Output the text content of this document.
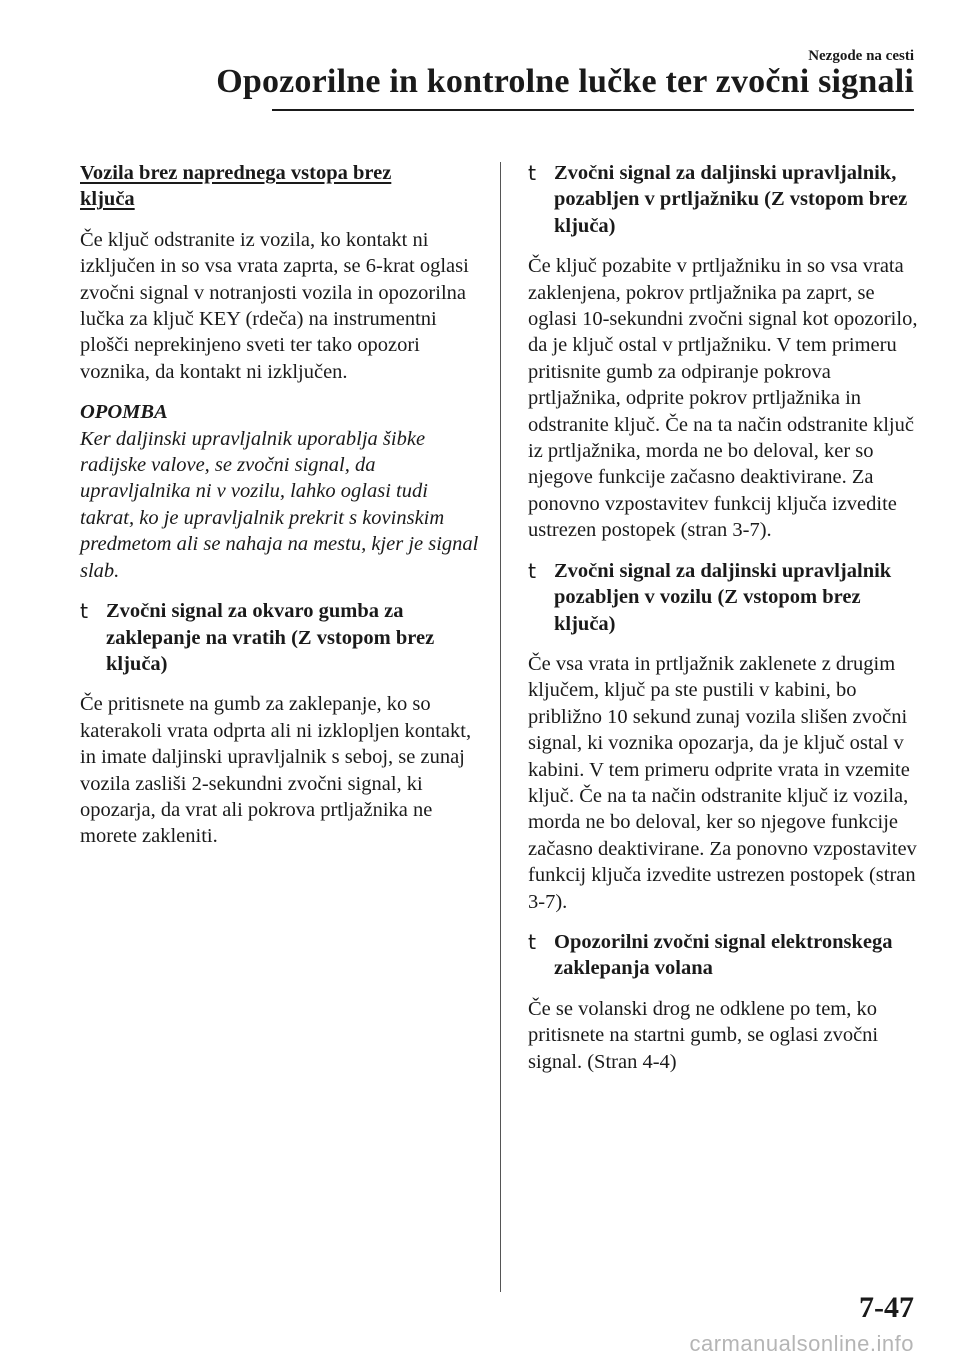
Nezgode na cesti
Opozorilne in kontrolne lučke ter zvočni signali
Vozila brez naprednega vstopa brez
ključa

Če ključ odstranite iz vozila, ko kontakt ni izključen in so vsa vrata zaprta, se 6-krat oglasi zvočni signal v notranjosti vozila in opozorilna lučka za ključ KEY (rdeča) na instrumentni plošči neprekinjeno sveti ter tako opozori voznika, da kontakt ni izključen.

OPOMBA

Ker daljinski upravljalnik uporablja šibke radijske valove, se zvočni signal, da upravljalnika ni v vozilu, lahko oglasi tudi takrat, ko je upravljalnik prekrit s kovinskim predmetom ali se nahaja na mestu, kjer je signal slab.

t Zvočni signal za okvaro gumba za zaklepanje na vratih (Z vstopom brez ključa)

Če pritisnete na gumb za zaklepanje, ko so katerakoli vrata odprta ali ni izklopljen kontakt, in imate daljinski upravljalnik s seboj, se zunaj vozila zasliši 2-sekundni zvočni signal, ki opozarja, da vrat ali pokrova prtljažnika ne morete zakleniti.

t Zvočni signal za daljinski upravljalnik, pozabljen v prtljažniku (Z vstopom brez ključa)

Če ključ pozabite v prtljažniku in so vsa vrata zaklenjena, pokrov prtljažnika pa zaprt, se oglasi 10-sekundni zvočni signal kot opozorilo, da je ključ ostal v prtljažniku. V tem primeru pritisnite gumb za odpiranje pokrova prtljažnika, odprite pokrov prtljažnika in odstranite ključ. Če na ta način odstranite ključ iz prtljažnika, morda ne bo deloval, ker so njegove funkcije začasno deaktivirane. Za ponovno vzpostavitev funkcij ključa izvedite ustrezen postopek (stran 3-7).

t Zvočni signal za daljinski upravljalnik pozabljen v vozilu (Z vstopom brez ključa)

Če vsa vrata in prtljažnik zaklenete z drugim ključem, ključ pa ste pustili v kabini, bo približno 10 sekund zunaj vozila slišen zvočni signal, ki voznika opozarja, da je ključ ostal v kabini. V tem primeru odprite vrata in vzemite ključ. Če na ta način odstranite ključ iz vozila, morda ne bo deloval, ker so njegove funkcije začasno deaktivirane. Za ponovno vzpostavitev funkcij ključa izvedite ustrezen postopek (stran 3-7).

t Opozorilni zvočni signal elektronskega zaklepanja volana

Če se volanski drog ne odklene po tem, ko pritisnete na startni gumb, se oglasi zvočni signal. (Stran 4-4)

7-47
carmanualsonline.info
